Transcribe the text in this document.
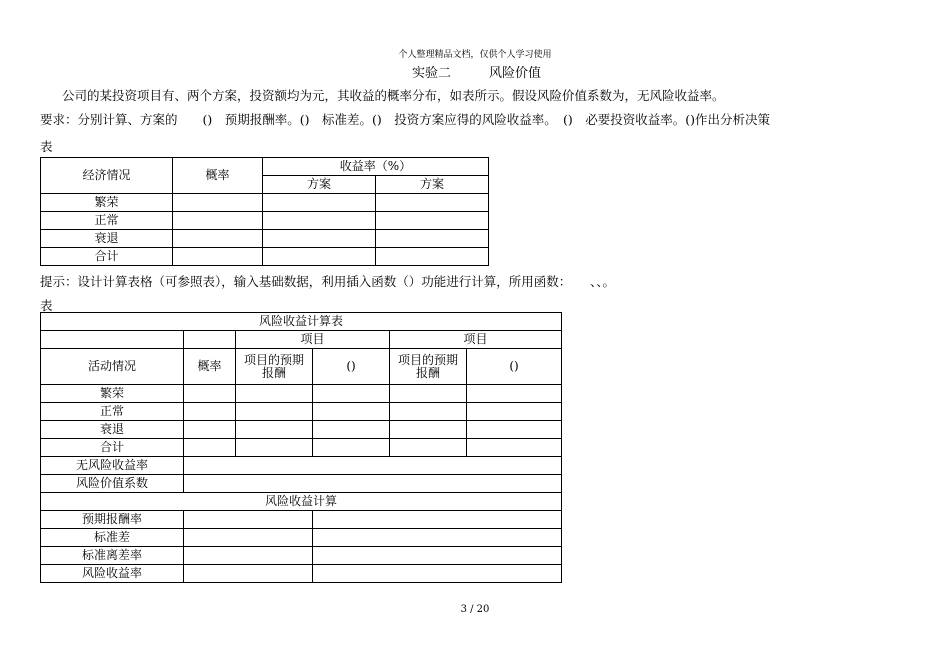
个人整理精品文档，仅供个人学习使用
实验二	风险价值
公司的某投资项目有、两个方案，投资额均为元，其收益的概率分布，如表所示。假设风险价值系数为，无风险收益率。
要求：分别计算、方案的　　()　预期报酬率。()　标准差。()　投资方案应得的风险收益率。　()　必要投资收益率。()作出分析决策
表
经济情况	概率	收益率（%）	
		方案	方案
繁荣			
正常			
衰退			
合计			
提示：设计计算表格（可参照表），输入基础数据，利用插入函数（）功能进行计算，所用函数：　　、、。
表
风险收益计算表					
		项目		项目	
活动情况	概率	项目的预期报酬	()	项目的预期报酬	()
繁荣					
正常					
衰退					
合计					
无风险收益率					
风险价值系数					
风险收益计算					
预期报酬率					
标准差					
标准离差率					
风险收益率					
3 / 20
